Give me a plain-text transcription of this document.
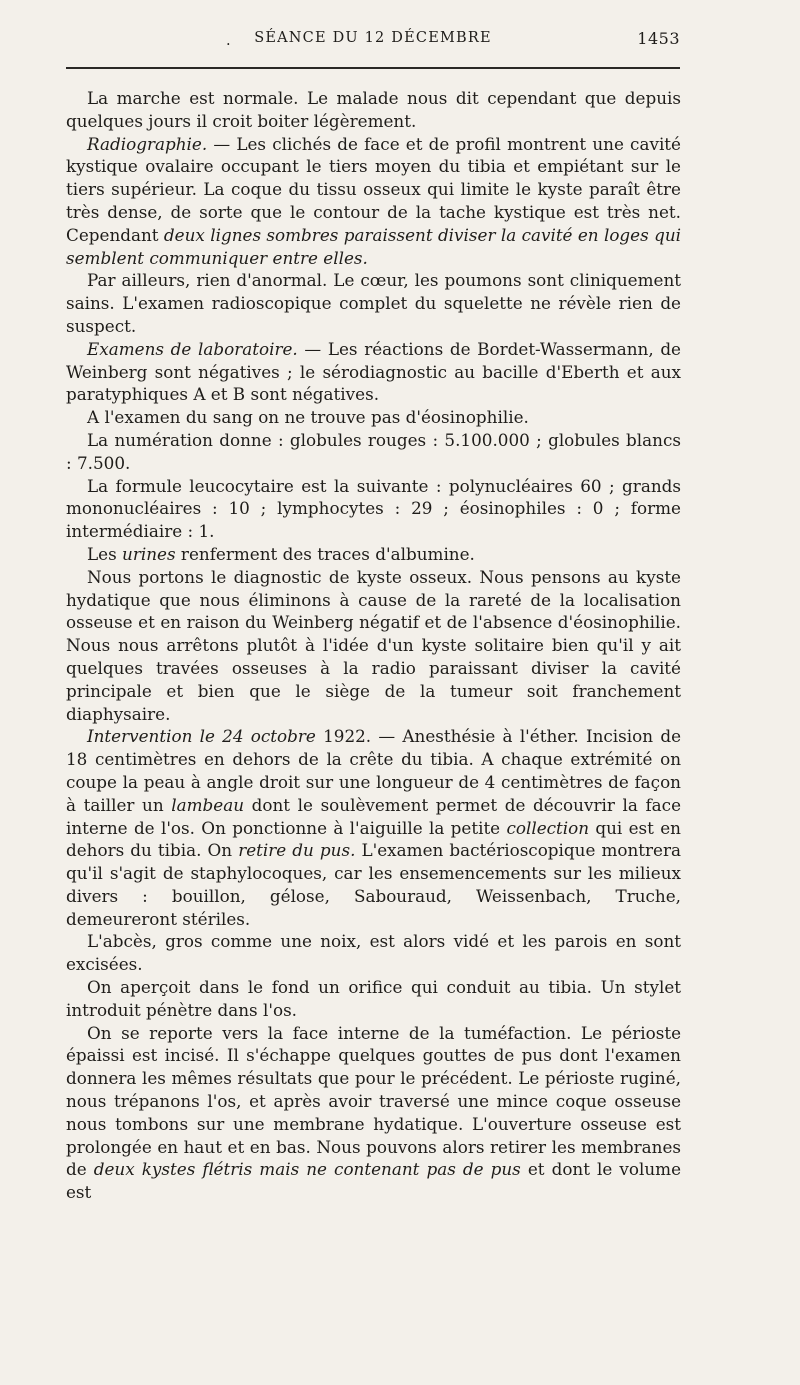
. SÉANCE DU 12 DÉCEMBRE	1453

La marche est normale. Le malade nous dit cependant que depuis quelques jours il croit boiter légèrement.

Radiographie. — Les clichés de face et de profil montrent une cavité kystique ovalaire occupant le tiers moyen du tibia et empiétant sur le tiers supérieur. La coque du tissu osseux qui limite le kyste paraît être très dense, de sorte que le contour de la tache kystique est très net. Cependant deux lignes sombres paraissent diviser la cavité en loges qui semblent communiquer entre elles.

Par ailleurs, rien d'anormal. Le cœur, les poumons sont cliniquement sains. L'examen radioscopique complet du squelette ne révèle rien de suspect.

Examens de laboratoire. — Les réactions de Bordet-Wassermann, de Weinberg sont négatives ; le sérodiagnostic au bacille d'Eberth et aux paratyphiques A et B sont négatives.

A l'examen du sang on ne trouve pas d'éosinophilie.

La numération donne : globules rouges : 5.100.000 ; globules blancs : 7.500.

La formule leucocytaire est la suivante : polynucléaires 60 ; grands mononucléaires : 10 ; lymphocytes : 29 ; éosinophiles : 0 ; forme intermédiaire : 1.

Les urines renferment des traces d'albumine.

Nous portons le diagnostic de kyste osseux. Nous pensons au kyste hydatique que nous éliminons à cause de la rareté de la localisation osseuse et en raison du Weinberg négatif et de l'absence d'éosinophilie. Nous nous arrêtons plutôt à l'idée d'un kyste solitaire bien qu'il y ait quelques travées osseuses à la radio paraissant diviser la cavité principale et bien que le siège de la tumeur soit franchement diaphysaire.

Intervention le 24 octobre 1922. — Anesthésie à l'éther. Incision de 18 centimètres en dehors de la crête du tibia. A chaque extrémité on coupe la peau à angle droit sur une longueur de 4 centimètres de façon à tailler un lambeau dont le soulèvement permet de découvrir la face interne de l'os. On ponctionne à l'aiguille la petite collection qui est en dehors du tibia. On retire du pus. L'examen bactérioscopique montrera qu'il s'agit de staphylocoques, car les ensemencements sur les milieux divers : bouillon, gélose, Sabouraud, Weissenbach, Truche, demeureront stériles.

L'abcès, gros comme une noix, est alors vidé et les parois en sont excisées.

On aperçoit dans le fond un orifice qui conduit au tibia. Un stylet introduit pénètre dans l'os.

On se reporte vers la face interne de la tuméfaction. Le périoste épaissi est incisé. Il s'échappe quelques gouttes de pus dont l'examen donnera les mêmes résultats que pour le précédent. Le périoste ruginé, nous trépanons l'os, et après avoir traversé une mince coque osseuse nous tombons sur une membrane hydatique. L'ouverture osseuse est prolongée en haut et en bas. Nous pouvons alors retirer les membranes de deux kystes flétris mais ne contenant pas de pus et dont le volume est
